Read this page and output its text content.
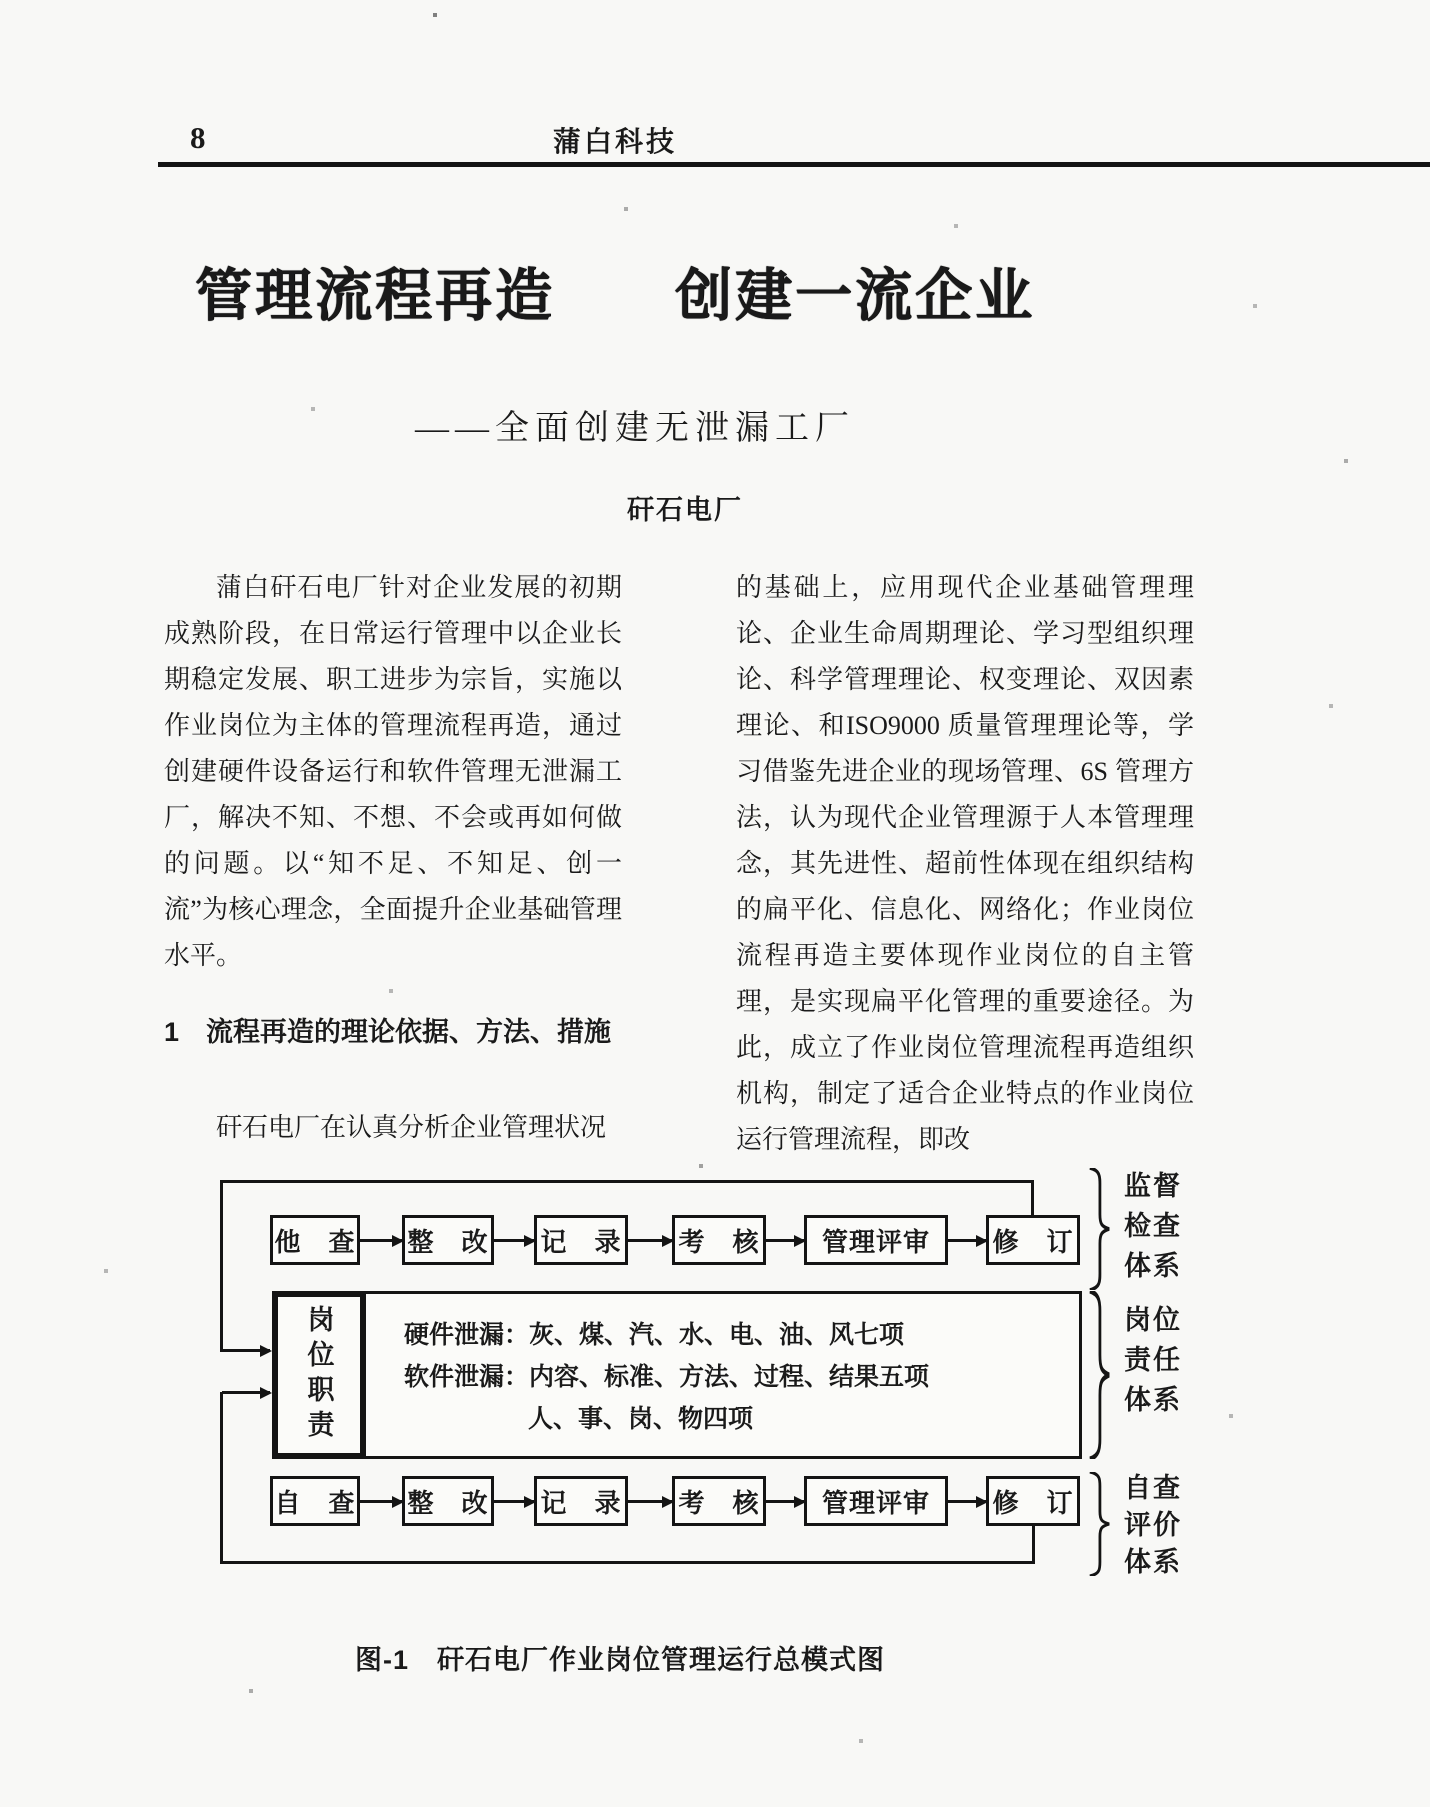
8	蒲白科技
管理流程再造　　创建一流企业
——全面创建无泄漏工厂
矸石电厂
蒲白矸石电厂针对企业发展的初期成熟阶段，在日常运行管理中以企业长期稳定发展、职工进步为宗旨，实施以作业岗位为主体的管理流程再造，通过创建硬件设备运行和软件管理无泄漏工厂，解决不知、不想、不会或再如何做的问题。以“知不足、不知足、创一流”为核心理念，全面提升企业基础管理水平。
1　流程再造的理论依据、方法、措施
矸石电厂在认真分析企业管理状况
的基础上，应用现代企业基础管理理论、企业生命周期理论、学习型组织理论、科学管理理论、权变理论、双因素理论、和ISO9000 质量管理理论等，学习借鉴先进企业的现场管理、6S 管理方法，认为现代企业管理源于人本管理理念，其先进性、超前性体现在组织结构的扁平化、信息化、网络化；作业岗位流程再造主要体现作业岗位的自主管理，是实现扁平化管理的重要途径。为此，成立了作业岗位管理流程再造组织机构，制定了适合企业特点的作业岗位运行管理流程，即改
他　查 整　改 记　录 考　核	管理评审	修　订
岗位职责	硬件泄漏：灰、煤、汽、水、电、油、风七项
软件泄漏：内容、标准、方法、过程、结果五项
人、事、岗、物四项
自　查 整　改 记　录 考　核	管理评审	修　订
监督
检查
体系
岗位
责任
体系
自查
评价
体系
图-1　矸石电厂作业岗位管理运行总模式图
